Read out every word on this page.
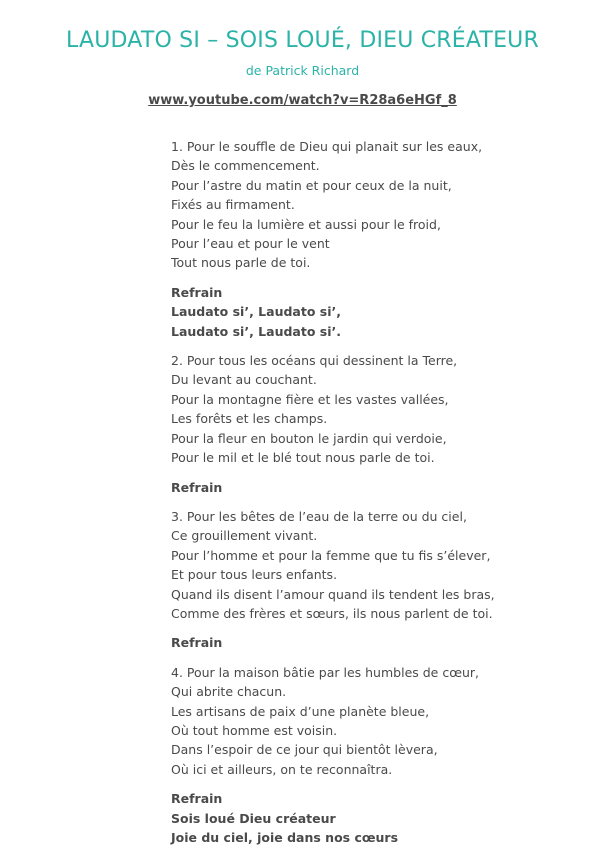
LAUDATO SI – SOIS LOUÉ, DIEU CRÉATEUR
de Patrick Richard
www.youtube.com/watch?v=R28a6eHGf_8
1. Pour le souffle de Dieu qui planait sur les eaux,
Dès le commencement.
Pour l’astre du matin et pour ceux de la nuit,
Fixés au firmament.
Pour le feu la lumière et aussi pour le froid,
Pour l’eau et pour le vent
Tout nous parle de toi.
Refrain
Laudato si’, Laudato si’,
Laudato si’, Laudato si’.
2. Pour tous les océans qui dessinent la Terre,
Du levant au couchant.
Pour la montagne fière et les vastes vallées,
Les forêts et les champs.
Pour la fleur en bouton le jardin qui verdoie,
Pour le mil et le blé tout nous parle de toi.
Refrain
3. Pour les bêtes de l’eau de la terre ou du ciel,
Ce grouillement vivant.
Pour l’homme et pour la femme que tu fis s’élever,
Et pour tous leurs enfants.
Quand ils disent l’amour quand ils tendent les bras,
Comme des frères et sœurs, ils nous parlent de toi.
Refrain
4. Pour la maison bâtie par les humbles de cœur,
Qui abrite chacun.
Les artisans de paix d’une planète bleue,
Où tout homme est voisin.
Dans l’espoir de ce jour qui bientôt lèvera,
Où ici et ailleurs, on te reconnaîtra.
Refrain
Sois loué Dieu créateur
Joie du ciel, joie dans nos cœurs
